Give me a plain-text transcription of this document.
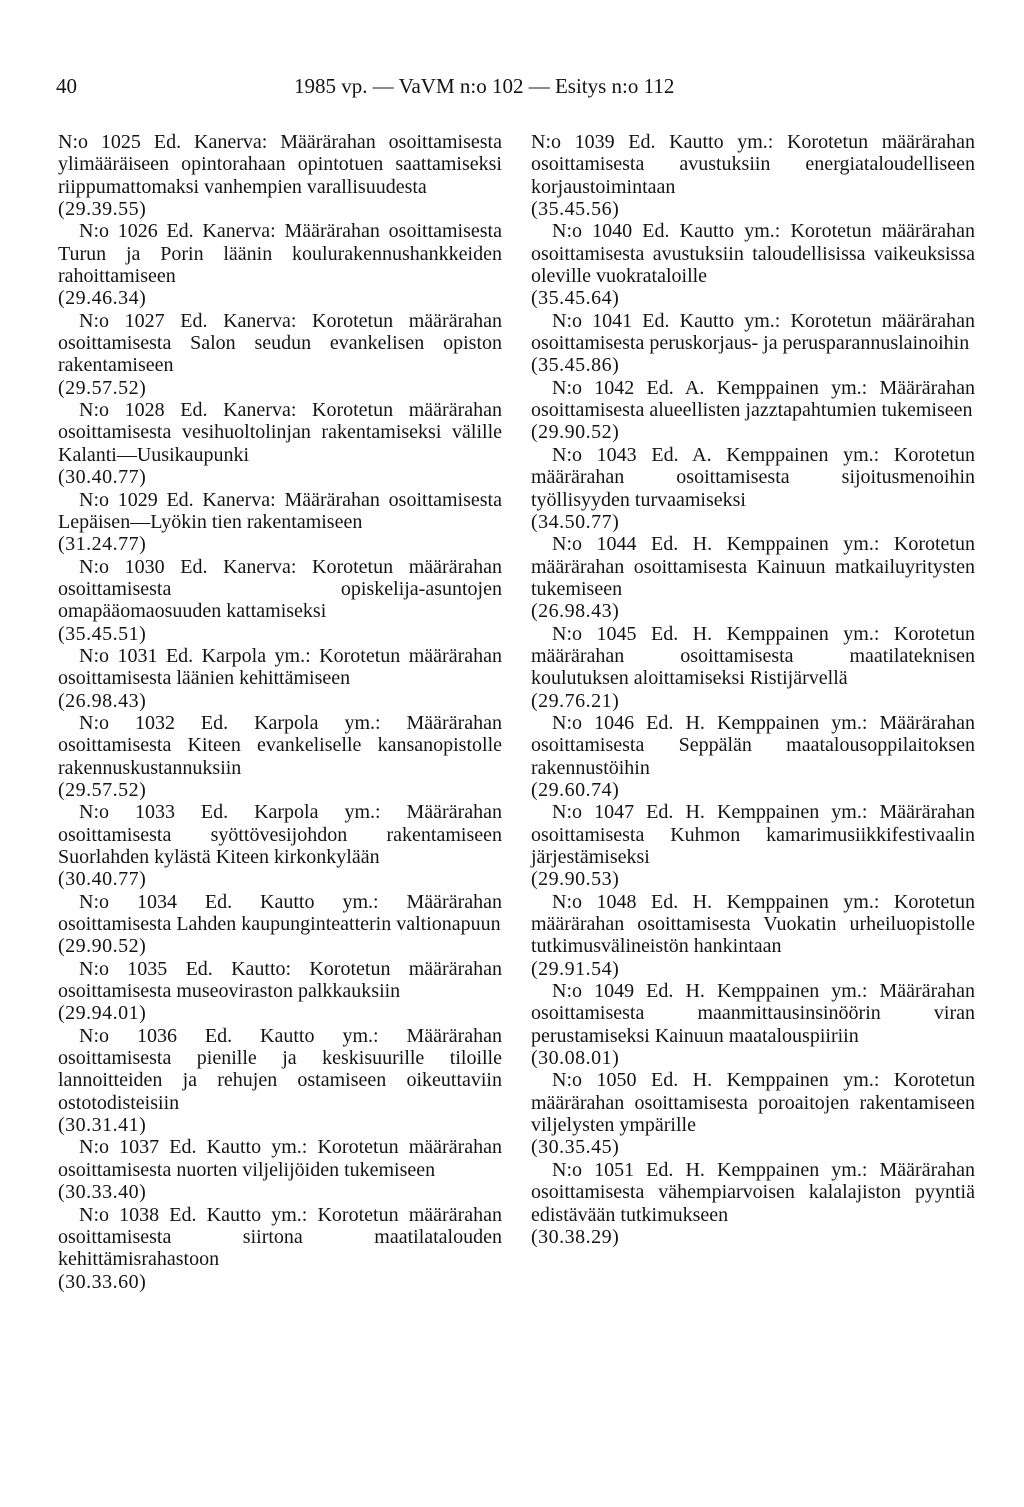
40	1985 vp. — VaVM n:o 102 — Esitys n:o 112
N:o 1025 Ed. Kanerva: Määrärahan osoittamisesta ylimääräiseen opintorahaan opintotuen saattamiseksi riippumattomaksi vanhempien varallisuudesta
(29.39.55)
N:o 1026 Ed. Kanerva: Määrärahan osoittamisesta Turun ja Porin läänin koulurakennushankkeiden rahoittamiseen
(29.46.34)
N:o 1027 Ed. Kanerva: Korotetun määrärahan osoittamisesta Salon seudun evankelisen opiston rakentamiseen
(29.57.52)
N:o 1028 Ed. Kanerva: Korotetun määrärahan osoittamisesta vesihuoltolinjan rakentamiseksi välille Kalanti—Uusikaupunki
(30.40.77)
N:o 1029 Ed. Kanerva: Määrärahan osoittamisesta Lepäisen—Lyökin tien rakentamiseen
(31.24.77)
N:o 1030 Ed. Kanerva: Korotetun määrärahan osoittamisesta opiskelija-asuntojen omapääomaosuuden kattamiseksi
(35.45.51)
N:o 1031 Ed. Karpola ym.: Korotetun määrärahan osoittamisesta läänien kehittämiseen
(26.98.43)
N:o 1032 Ed. Karpola ym.: Määrärahan osoittamisesta Kiteen evankeliselle kansanopistolle rakennuskustannuksiin
(29.57.52)
N:o 1033 Ed. Karpola ym.: Määrärahan osoittamisesta syöttövesijohdon rakentamiseen Suorlahden kylästä Kiteen kirkonkylään
(30.40.77)
N:o 1034 Ed. Kautto ym.: Määrärahan osoittamisesta Lahden kaupunginteatterin valtionapuun
(29.90.52)
N:o 1035 Ed. Kautto: Korotetun määrärahan osoittamisesta museoviraston palkkauksiin
(29.94.01)
N:o 1036 Ed. Kautto ym.: Määrärahan osoittamisesta pienille ja keskisuurille tiloille lannoitteiden ja rehujen ostamiseen oikeuttaviin ostotodisteisiin
(30.31.41)
N:o 1037 Ed. Kautto ym.: Korotetun määrärahan osoittamisesta nuorten viljelijöiden tukemiseen
(30.33.40)
N:o 1038 Ed. Kautto ym.: Korotetun määrärahan osoittamisesta siirtona maatilatalouden kehittämisrahastoon
(30.33.60)
N:o 1039 Ed. Kautto ym.: Korotetun määrärahan osoittamisesta avustuksiin energiataloudelliseen korjaustoimintaan
(35.45.56)
N:o 1040 Ed. Kautto ym.: Korotetun määrärahan osoittamisesta avustuksiin taloudellisissa vaikeuksissa oleville vuokrataloille
(35.45.64)
N:o 1041 Ed. Kautto ym.: Korotetun määrärahan osoittamisesta peruskorjaus- ja perusparannuslainoihin
(35.45.86)
N:o 1042 Ed. A. Kemppainen ym.: Määrärahan osoittamisesta alueellisten jazztapahtumien tukemiseen
(29.90.52)
N:o 1043 Ed. A. Kemppainen ym.: Korotetun määrärahan osoittamisesta sijoitusmenoihin työllisyyden turvaamiseksi
(34.50.77)
N:o 1044 Ed. H. Kemppainen ym.: Korotetun määrärahan osoittamisesta Kainuun matkailuyritysten tukemiseen
(26.98.43)
N:o 1045 Ed. H. Kemppainen ym.: Korotetun määrärahan osoittamisesta maatilateknisen koulutuksen aloittamiseksi Ristijärvellä
(29.76.21)
N:o 1046 Ed. H. Kemppainen ym.: Määrärahan osoittamisesta Seppälän maatalousoppilaitoksen rakennustöihin
(29.60.74)
N:o 1047 Ed. H. Kemppainen ym.: Määrärahan osoittamisesta Kuhmon kamarimusiikkifestivaalin järjestämiseksi
(29.90.53)
N:o 1048 Ed. H. Kemppainen ym.: Korotetun määrärahan osoittamisesta Vuokatin urheiluopistolle tutkimusvälineistön hankintaan
(29.91.54)
N:o 1049 Ed. H. Kemppainen ym.: Määrärahan osoittamisesta maanmittausinsinöörin viran perustamiseksi Kainuun maatalouspiiriin
(30.08.01)
N:o 1050 Ed. H. Kemppainen ym.: Korotetun määrärahan osoittamisesta poroaitojen rakentamiseen viljelysten ympärille
(30.35.45)
N:o 1051 Ed. H. Kemppainen ym.: Määrärahan osoittamisesta vähempiarvoisen kalalajiston pyyntiä edistävään tutkimukseen
(30.38.29)
